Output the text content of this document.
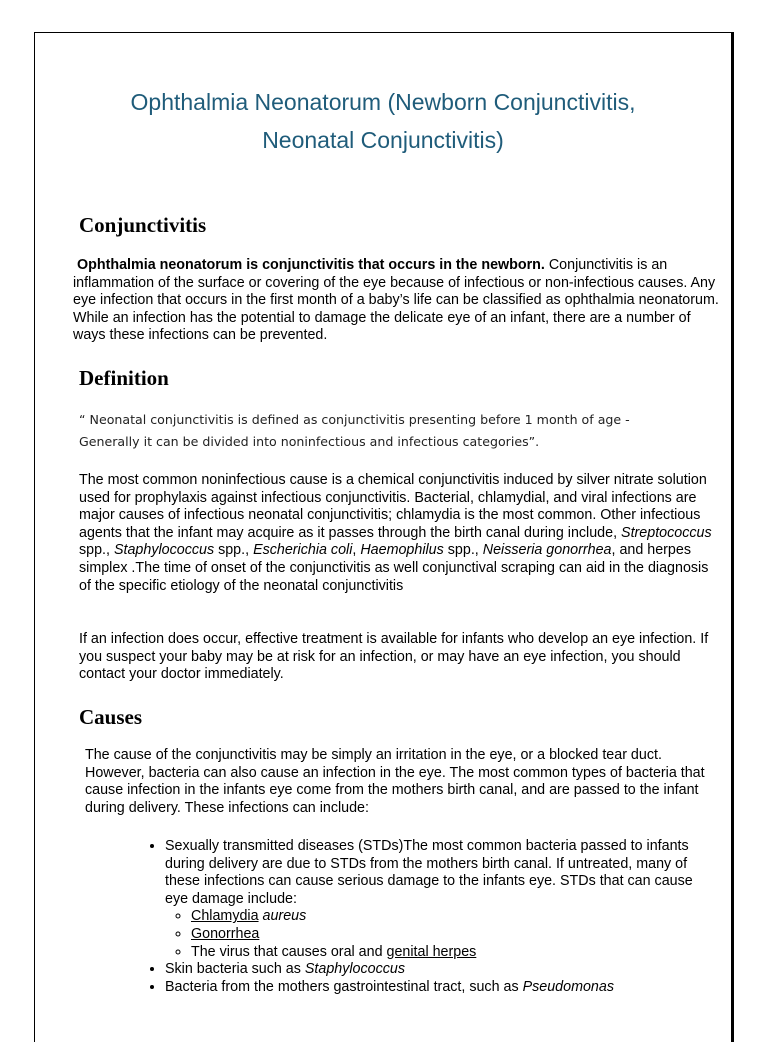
Ophthalmia Neonatorum (Newborn Conjunctivitis,
Neonatal Conjunctivitis)
Conjunctivitis
Ophthalmia neonatorum is conjunctivitis that occurs in the newborn. Conjunctivitis is an inflammation of the surface or covering of the eye because of infectious or non-infectious causes. Any eye infection that occurs in the first month of a baby’s life can be classified as ophthalmia neonatorum. While an infection has the potential to damage the delicate eye of an infant, there are a number of ways these infections can be prevented.
Definition
“ Neonatal conjunctivitis is defined as conjunctivitis presenting before 1 month of age -
Generally it can be divided into noninfectious and infectious categories”.
The most common noninfectious cause is a chemical conjunctivitis induced by silver nitrate solution used for prophylaxis against infectious conjunctivitis. Bacterial, chlamydial, and viral infections are major causes of infectious neonatal conjunctivitis; chlamydia is the most common. Other infectious agents that the infant may acquire as it passes through the birth canal during include, Streptococcus spp., Staphylococcus spp., Escherichia coli, Haemophilus spp., Neisseria gonorrhea, and herpes simplex .The time of onset of the conjunctivitis as well conjunctival scraping can aid in the diagnosis of the specific etiology of the neonatal conjunctivitis
If an infection does occur, effective treatment is available for infants who develop an eye infection. If you suspect your baby may be at risk for an infection, or may have an eye infection, you should contact your doctor immediately.
Causes
The cause of the conjunctivitis may be simply an irritation in the eye, or a blocked tear duct. However, bacteria can also cause an infection in the eye. The most common types of bacteria that cause infection in the infants eye come from the mothers birth canal, and are passed to the infant during delivery. These infections can include:
• Sexually transmitted diseases (STDs)The most common bacteria passed to infants during delivery are due to STDs from the mothers birth canal. If untreated, many of these infections can cause serious damage to the infants eye. STDs that can cause eye damage include:
◦ Chlamydia aureus
◦ Gonorrhea
◦ The virus that causes oral and genital herpes
• Skin bacteria such as Staphylococcus
• Bacteria from the mothers gastrointestinal tract, such as Pseudomonas
